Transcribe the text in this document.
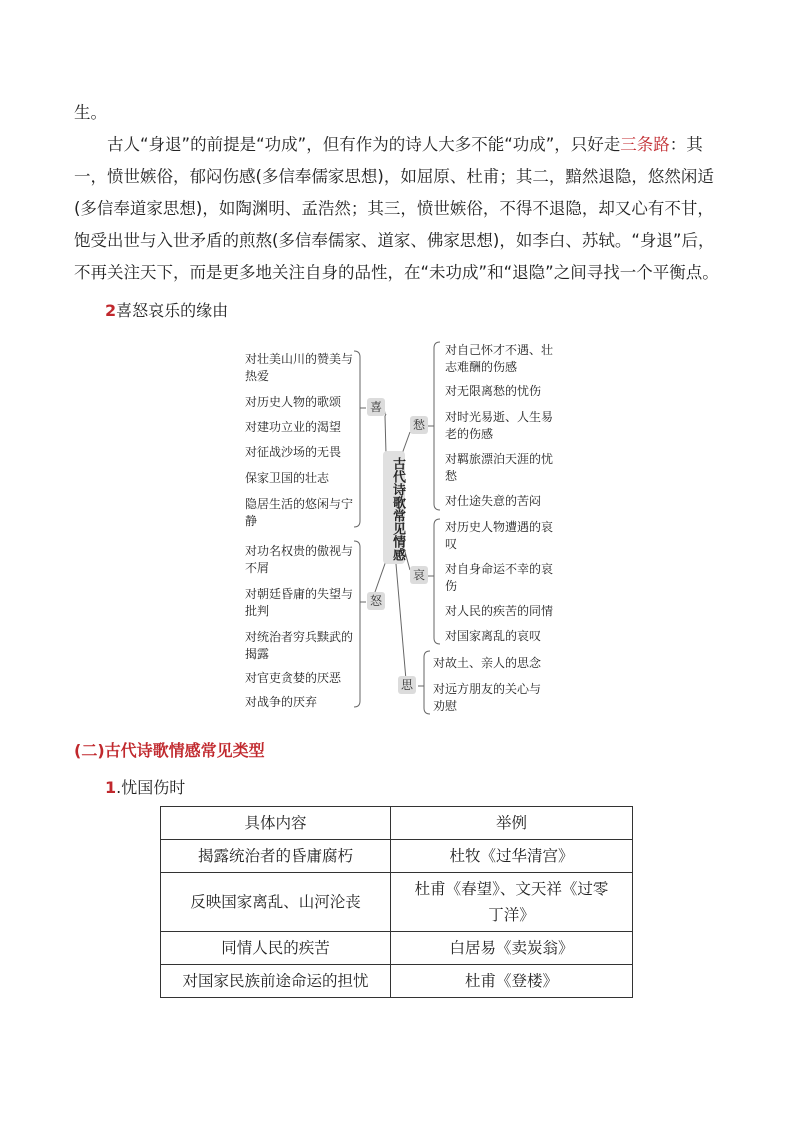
生。

古人“身退”的前提是“功成”，但有作为的诗人大多不能“功成”，只好走三条路：其一，愤世嫉俗，郁闷伤感(多信奉儒家思想)，如屈原、杜甫；其二，黯然退隐，悠然闲适(多信奉道家思想)，如陶渊明、孟浩然；其三，愤世嫉俗，不得不退隐，却又心有不甘，饱受出世与入世矛盾的煎熬(多信奉儒家、道家、佛家思想)，如李白、苏轼。“身退”后，不再关注天下，而是更多地关注自身的品性，在“未功成”和“退隐”之间寻找一个平衡点。

2喜怒哀乐的缘由

古代诗歌常见情感
喜
怒
愁
哀
思
对壮美山川的赞美与热爱
对历史人物的歌颂
对建功立业的渴望
对征战沙场的无畏
保家卫国的壮志
隐居生活的悠闲与宁静
对功名权贵的傲视与不屑
对朝廷昏庸的失望与批判
对统治者穷兵黩武的揭露
对官吏贪婪的厌恶
对战争的厌弃
对自己怀才不遇、壮志难酬的伤感
对无限离愁的忧伤
对时光易逝、人生易老的伤感
对羁旅漂泊天涯的忧愁
对仕途失意的苦闷
对历史人物遭遇的哀叹
对自身命运不幸的哀伤
对人民的疾苦的同情
对国家离乱的哀叹
对故土、亲人的思念
对远方朋友的关心与劝慰

(二)古代诗歌情感常见类型

1.忧国伤时

具体内容	举例
揭露统治者的昏庸腐朽	杜牧《过华清宫》
反映国家离乱、山河沦丧	杜甫《春望》、文天祥《过零丁洋》
同情人民的疾苦	白居易《卖炭翁》
对国家民族前途命运的担忧	杜甫《登楼》
